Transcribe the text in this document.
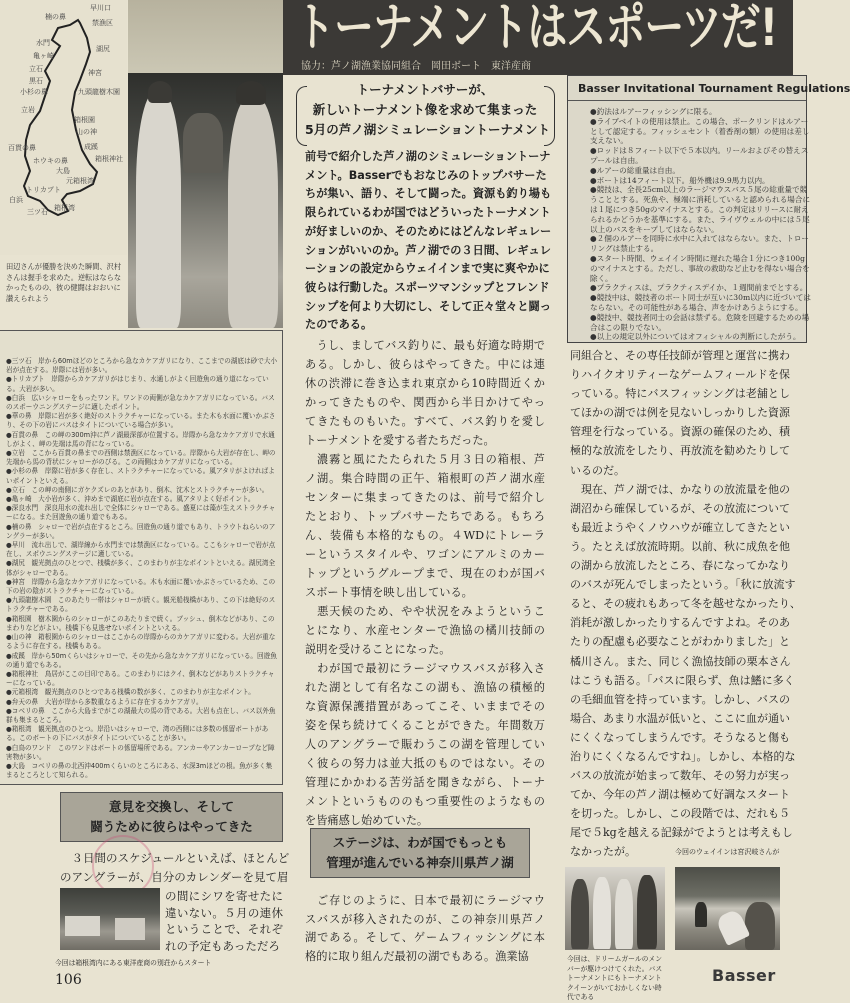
トーナメントはスポーツだ!
協力：芦ノ湖漁業協同組合　岡田ボート　東洋産商
早川口
楠の鼻
禁漁区
水門
湖尻
亀ヶ崎
立石	神宮
黒石
九頭龍樹木園
小杉の鼻
立岩
箱根園
山の神
百貫の鼻	成蹊
箱根神社
ホウキの鼻
大島
元箱根湾
トリカブト
白浜
三ツ石 箱根湾
田辺さんが優勝を決めた瞬間、沢村さんは握手を求めた。逆転はならなかったものの、彼の健闘はおおいに讃えられよう
●三ツ石　岸から60mほどのところから急なカケアガリになり、ここまでの湖底は砂で大小岩が点在する。岸際には岩が多い。
●トリカブト　岸際からカケアガリがはじまり、水通しがよく回遊魚の通り道になっている。大岩が多い。
●白浜　広いシャローをもったワンド。ワンドの両側が急なカケアガリになっている。バスのスポーウニングステージに適したポイント。
●華の鼻　岸際に岩が多く絶好のストラクチャーになっている。また木も水面に覆いかぶさり、その下の岩にバスはタイトについている場合が多い。
●百貫の鼻　この岬の300m沖に芦ノ湖最深部が位置する。岸際から急なカケアガリで水通しがよく、岬の先端は馬の背になっている。
●立岩　ここから百貫の鼻までの西側は禁漁区になっている。岸際から大岩が存在し、岬の先端から馬の背状にシャローがのびる。この両側はカケアガリになっている。
●小杉の鼻　岸際に岩が多く存在し、ストラクチャーになっている。風アタリがよければよいポイントといえる。
●立石　この岬の南側にガケクズレのあとがあり、倒木、沈木とストラクチャーが多い。
●亀ヶ崎　大小岩が多く、沖めまで湖底に岩が点在する。風アタリよく好ポイント。
●深良水門　深良用水の流れ出しで全体にシャローである。盛夏には藻が生えストラクチャーになる。また回遊魚の通り道でもある。
●楠の鼻　シャローで岩が点在するところ。回遊魚の通り道でもあり、トラウトねらいのアングラーが多い。
●早川　流れ出しで、湖岸線から水門までは禁漁区になっている。ここもシャローで岩が点在し、スポウニングステージに適している。
●湖尻　観光拠点のひとつで、桟橋が多く、このまわりが主なポイントといえる。湖尻湾全体がシャローである。
●神宮　岸際から急なカケアガリになっている。木も水面に覆いかぶさっているため、この下の岩の陰がストラクチャーになっている。
●九頭龍樹木園　このあたり一帯はシャローが続く。観光船桟橋があり、この下は絶好のストラクチャーである。
●箱根園　樹木園からのシャローがこのあたりまで続く。ブッシュ、倒木などがあり、このまわりなどがよい。桟橋下も見逃せないポイントといえる。
●山の神　箱根園からのシャローはここからの岸際からのカケアガリに変わる。大岩が重なるように存在する。桟橋もある。
●成蹊　岸から50mくらいはシャローで、その先から急なカケアガリになっている。回遊魚の通り道でもある。
●箱根神社　鳥居がここの目印である。このまわりにはクイ、倒木などがありストラクチャーになっている。
●元箱根湾　観光拠点のひとつである桟橋の数が多く、このまわりが主なポイント。
●弁天の鼻　大岩が岸から多数重なるように存在するカケアガリ。
●コベリの鼻　ここから大島までがこの湖最大の馬の背である。大岩も点在し、バス以外魚群も集まるところ。
●箱根湾　観光拠点のひとつ。岸沿いはシャローで、湾の西側には多数の係留ボートがある。このボートの下にバスがタイトについていることが多い。
●白鳥のワンド　このワンドはボートの係留場所である。アンカーやアンカーロープなど障害物が多い。
●大島　コベリの鼻の北西沖400mくらいのところにある、水深3mほどの根。魚が多く集まるところとして知られる。
トーナメントバサーが、
新しいトーナメント像を求めて集まった
5月の芦ノ湖シミュレーショントーナメント
前号で紹介した芦ノ湖のシミュレーショントーナ
メント。Basserでもおなじみのトップバサーた
ちが集い、語り、そして闘った。資源も釣り場も
限られているわが国ではどういったトーナメント
が好ましいのか、そのためにはどんなレギュレー
ションがいいのか。芦ノ湖での３日間、レギュレ
ーションの設定からウェイインまで実に爽やかに
彼らは行動した。スポーツマンシップとフレンド
シップを何より大切にし、そして正々堂々と闘っ
たのである。
　うし、ましてバス釣りに、最も好適な時期で
ある。しかし、彼らはやってきた。中には連
休の渋滞に巻き込まれ東京から10時間近くか
かってきたものや、関西から半日かけてやっ
てきたものもいた。すべて、バス釣りを愛し
トーナメントを愛する者たちだった。
　濃霧と風にたたられた５月３日の箱根、芦
ノ湖。集合時間の正午、箱根町の芦ノ湖水産
センターに集まってきたのは、前号で紹介し
たとおり、トップバサーたちである。もちろ
ん、装備も本格的なもの。４WDにトレーラ
ーというスタイルや、ワゴンにアルミのカー
トップというグループまで、現在のわが国バ
スボート事情を映し出している。
　悪天候のため、やや状況をみようというこ
とになり、水産センターで漁協の橘川技師の
説明を受けることになった。
　わが国で最初にラージマウスバスが移入さ
れた湖として有名なこの湖も、漁協の積極的
な資源保護措置があってこそ、いままでその
姿を保ち続けてくることができた。年間数万
人のアングラーで賑わうこの湖を管理してい
く彼らの努力は並大抵のものではない。その
管理にかかわる苦労話を聞きながら、トーナ
メントというもののもつ重要性のようなもの
を皆痛感し始めていた。
ステージは、わが国でもっとも
管理が進んでいる神奈川県芦ノ湖
　ご存じのように、日本で最初にラージマウ
スバスが移入されたのが、この神奈川県芦ノ
湖である。そして、ゲームフィッシングに本
格的に取り組んだ最初の湖でもある。漁業協
Basser Invitational Tournament Regulations
●釣法はルアーフィッシングに限る。
●ライブベイトの使用は禁止。この場合、ポークリンドはルアーとして認定する。フィッシュセント（着香剤の類）の使用は差し支えない。
●ロッドは８フィート以下で５本以内。リールおよびその替えスプールは自由。
●ルアーの総重量は自由。
●ボートは14フィート以下。船外機は9.9馬力以内。
●競技は、全長25cm以上のラージマウスバス５尾の総重量で競うこととする。死魚や、極端に消耗していると認められる場合には１尾につき50gのマイナスとする。この判定はリリースに耐えられるかどうかを基準にする。また、ライヴウェルの中には５尾以上のバスをキープしてはならない。
●２個のルアーを同時に水中に入れてはならない。また、トローリングは禁止する。
●スタート時間、ウェイイン時間に遅れた場合１分につき100gのマイナスとする。ただし、事故の救助など止むを得ない場合を除く。
●プラクティスは、プラクティスデイか、１週間前までとする。
●競技中は、競技者のボート同士が互いに30m以内に近づいてはならない。その可能性がある場合、声をかけあうようにする。
●競技中、競技者同士の会話は禁ずる。危険を回避するための場合はこの限りでない。
●以上の規定以外についてはオフィシャルの判断にしたがう。
同組合と、その専任技師が管理と運営に携わ
りハイクオリティーなゲームフィールドを保
っている。特にバスフィッシングは老舗とし
てほかの湖では例を見ないしっかりした資源
管理を行なっている。資源の確保のため、積
極的な放流をしたり、再放流を勧めたりして
いるのだ。
　現在、芦ノ湖では、かなりの放流量を他の
湖沼から確保しているが、その放流について
も最近ようやくノウハウが確立してきたとい
う。たとえば放流時期。以前、秋に成魚を他
の湖から放流したところ、春になってかなり
のバスが死んでしまったという。「秋に放流す
ると、その疲れもあって冬を越せなかったり、
消耗が激しかったりするんですよね。そのあ
たりの配慮も必要なことがわかりました」と
橘川さん。また、同じく漁協技師の栗本さん
はこうも語る。「バスに限らず、魚は鰭に多く
の毛細血管を持っています。しかし、バスの
場合、あまり水温が低いと、ここに血が通い
にくくなってしまうんです。そうなると傷も
治りにくくなるんですね」。しかし、本格的な
バスの放流が始まって数年、その努力が実っ
てか、今年の芦ノ湖は極めて好調なスタート
を切った。しかし、この段階では、だれも５
尾で５kgを越える記録がでようとは考えもし
なかったが。	今回のウェイインは宮沢岐さんが
今回は、ドリームガールのメンバーが駆けつけてくれた。バストーナメントにもトーナメントクイーンがいておかしくない時代である
Basser
意見を交換し、そして
闘うために彼らはやってきた
　３日間のスケジュールといえば、ほとんど
のアングラーが、自分のカレンダーを見て眉
の間にシワを寄せたに
違いない。５月の連休
ということで、それぞ
れの予定もあっただろ
今回は箱根湾内にある東洋産商の別荘からスタート
106
